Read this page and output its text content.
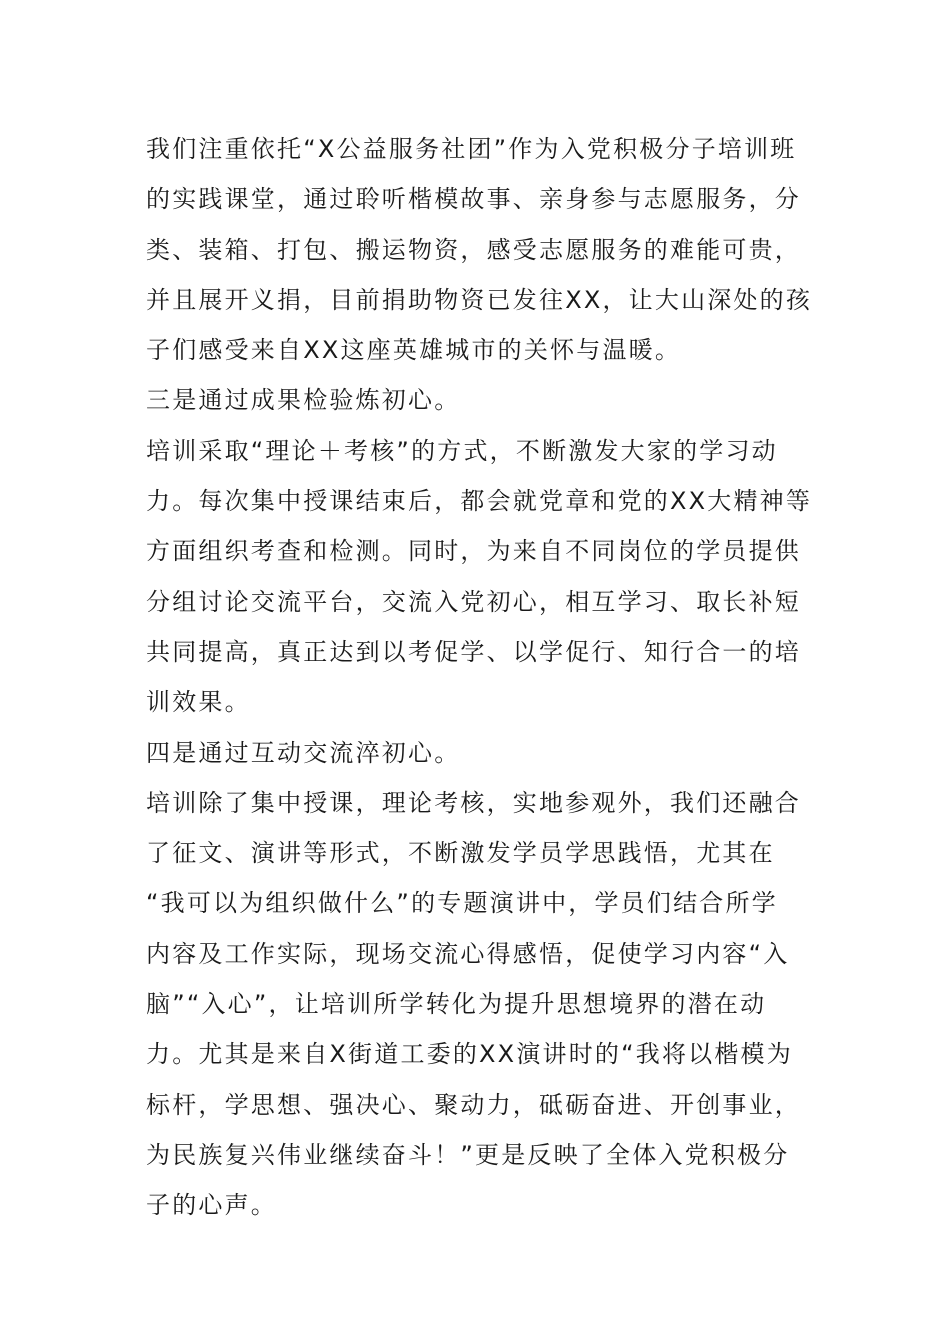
我们注重依托“X公益服务社团”作为入党积极分子培训班
的实践课堂，通过聆听楷模故事、亲身参与志愿服务，分
类、装箱、打包、搬运物资，感受志愿服务的难能可贵，
并且展开义捐，目前捐助物资已发往XX，让大山深处的孩
子们感受来自XX这座英雄城市的关怀与温暖。

三是通过成果检验炼初心。

培训采取“理论＋考核”的方式，不断激发大家的学习动
力。每次集中授课结束后，都会就党章和党的XX大精神等
方面组织考查和检测。同时，为来自不同岗位的学员提供
分组讨论交流平台，交流入党初心，相互学习、取长补短
共同提高，真正达到以考促学、以学促行、知行合一的培
训效果。

四是通过互动交流淬初心。

培训除了集中授课，理论考核，实地参观外，我们还融合
了征文、演讲等形式，不断激发学员学思践悟，尤其在
“我可以为组织做什么”的专题演讲中，学员们结合所学
内容及工作实际，现场交流心得感悟，促使学习内容“入
脑”“入心”，让培训所学转化为提升思想境界的潜在动
力。尤其是来自X街道工委的XX演讲时的“我将以楷模为
标杆，学思想、强决心、聚动力，砥砺奋进、开创事业，
为民族复兴伟业继续奋斗！”更是反映了全体入党积极分
子的心声。
